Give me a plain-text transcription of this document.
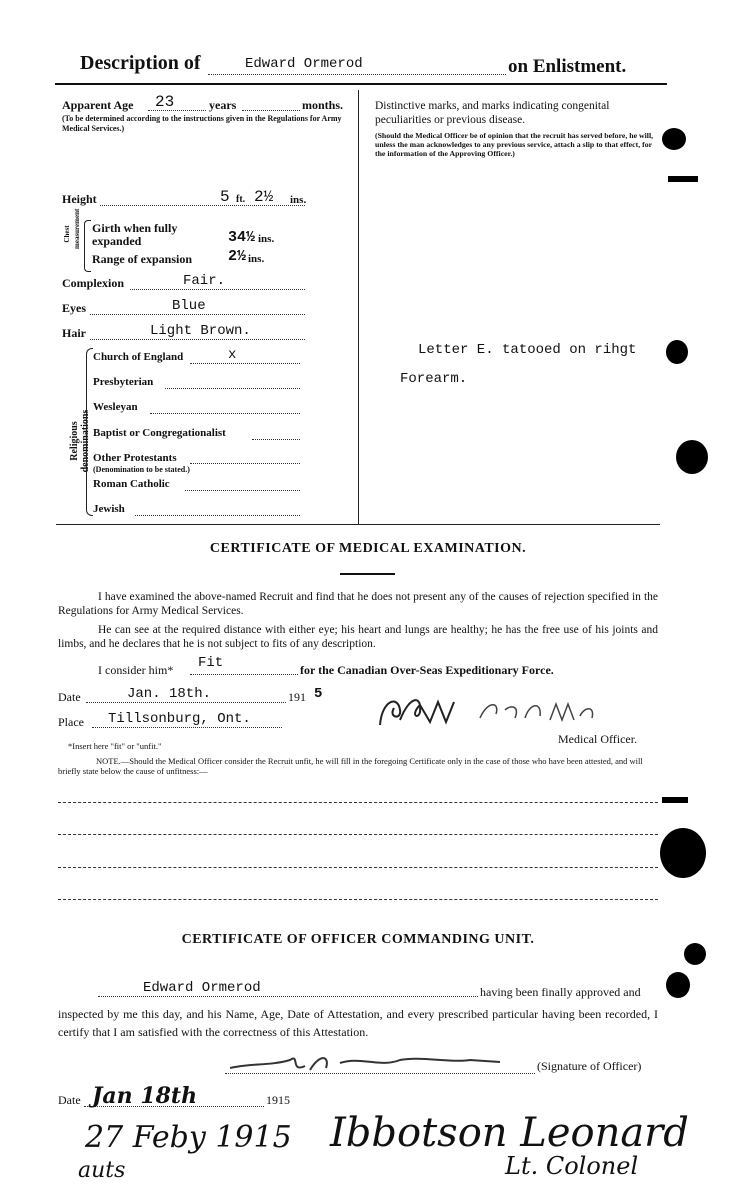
Description of	Edward Ormerod	on Enlistment.
Apparent Age 23	years	months.
(To be determined according to the instructions given in the Regulations for Army Medical Services.)
Height	5 ft. 2½ ins.
Chest measurement Girth when fully expanded	34½ ins.
Range of expansion 2½ ins.
Complexion	Fair.
Eyes	Blue
Hair	Light Brown.
Religious denominations
Church of England	x
Presbyterian
Wesleyan
Baptist or Congregationalist
Other Protestants
(Denomination to be stated.)
Roman Catholic
Jewish
Distinctive marks, and marks indicating congenital peculiarities or previous disease.
(Should the Medical Officer be of opinion that the recruit has served before, he will, unless the man acknowledges to any previous service, attach a slip to that effect, for the information of the Approving Officer.)
Letter E. tatooed on rihgt
Forearm.
CERTIFICATE OF MEDICAL EXAMINATION.
I have examined the above-named Recruit and find that he does not present any of the causes of rejection specified in the Regulations for Army Medical Services.
He can see at the required distance with either eye; his heart and lungs are healthy; he has the free use of his joints and limbs, and he declares that he is not subject to fits of any description.
I consider him* Fit	for the Canadian Over-Seas Expeditionary Force.
Date	Jan. 18th.	191 5
Place Tillsonburg, Ont.
Medical Officer.
*Insert here "fit" or "unfit."
NOTE.—Should the Medical Officer consider the Recruit unfit, he will fill in the foregoing Certificate only in the case of those who have been attested, and will briefly state below the cause of unfitness:—
CERTIFICATE OF OFFICER COMMANDING UNIT.
Edward Ormerod	having been finally approved and
inspected by me this day, and his Name, Age, Date of Attestation, and every prescribed particular having been recorded, I certify that I am satisfied with the correctness of this Attestation.
(Signature of Officer)
Date Jan 18th	1915
27 Feby 1915
auts
Ibbotson Leonard
Lt. Colonel
